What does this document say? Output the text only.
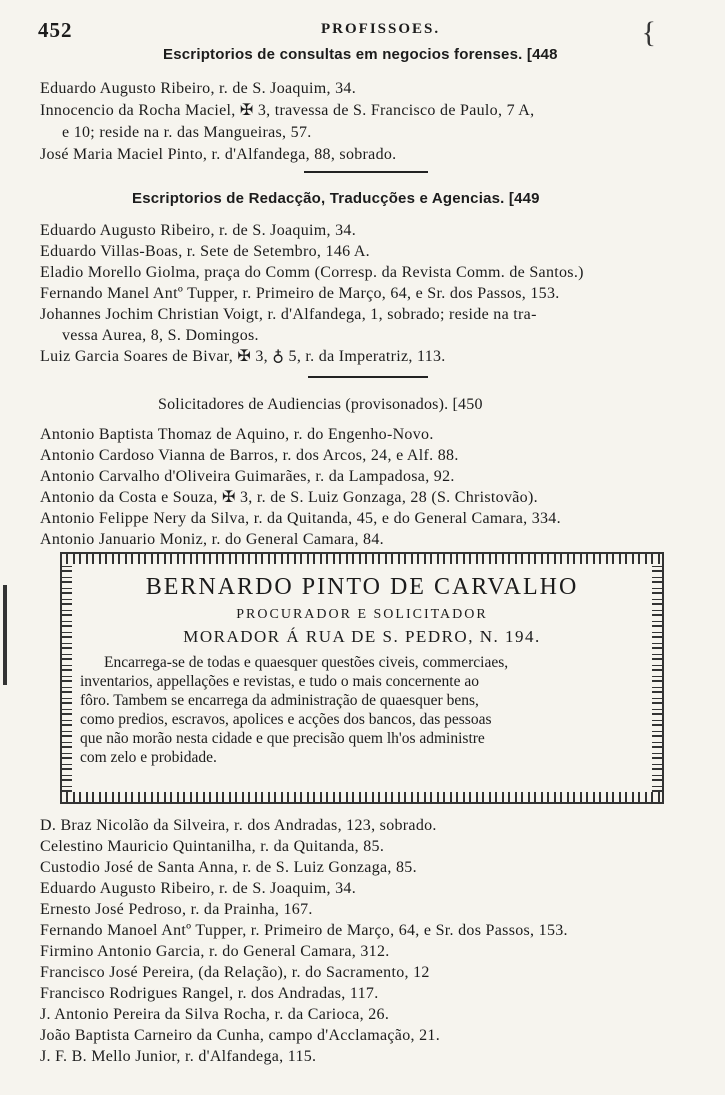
452	PROFISSOES.	{
Escriptorios de consultas em negocios forenses. [448
Eduardo Augusto Ribeiro, r. de S. Joaquim, 34.
Innocencio da Rocha Maciel, ✠ 3, travessa de S. Francisco de Paulo, 7 A,
e 10; reside na r. das Mangueiras, 57.
José Maria Maciel Pinto, r. d'Alfandega, 88, sobrado.
Escriptorios de Redacção, Traducções e Agencias. [449
Eduardo Augusto Ribeiro, r. de S. Joaquim, 34.
Eduardo Villas-Boas, r. Sete de Setembro, 146 A.
Eladio Morello Giolma, praça do Comm (Corresp. da Revista Comm. de Santos.)
Fernando Manel Antº Tupper, r. Primeiro de Março, 64, e Sr. dos Passos, 153.
Johannes Jochim Christian Voigt, r. d'Alfandega, 1, sobrado; reside na tra-
vessa Aurea, 8, S. Domingos.
Luiz Garcia Soares de Bivar, ✠ 3, ♁ 5, r. da Imperatriz, 113.
Solicitadores de Audiencias (provisonados). [450
Antonio Baptista Thomaz de Aquino, r. do Engenho-Novo.
Antonio Cardoso Vianna de Barros, r. dos Arcos, 24, e Alf. 88.
Antonio Carvalho d'Oliveira Guimarães, r. da Lampadosa, 92.
Antonio da Costa e Souza, ✠ 3, r. de S. Luiz Gonzaga, 28 (S. Christovão).
Antonio Felippe Nery da Silva, r. da Quitanda, 45, e do General Camara, 334.
Antonio Januario Moniz, r. do General Camara, 84.
BERNARDO PINTO DE CARVALHO
PROCURADOR E SOLICITADOR
MORADOR Á RUA DE S. PEDRO, N. 194.

Encarrega-se de todas e quaesquer questões civeis, commerciaes,

inventarios, appellações e revistas, e tudo o mais concernente ao

fôro. Tambem se encarrega da administração de quaesquer bens,

como predios, escravos, apolices e acções dos bancos, das pessoas

que não morão nesta cidade e que precisão quem lh'os administre

com zelo e probidade.

D. Braz Nicolão da Silveira, r. dos Andradas, 123, sobrado.
Celestino Mauricio Quintanilha, r. da Quitanda, 85.
Custodio José de Santa Anna, r. de S. Luiz Gonzaga, 85.
Eduardo Augusto Ribeiro, r. de S. Joaquim, 34.
Ernesto José Pedroso, r. da Prainha, 167.
Fernando Manoel Antº Tupper, r. Primeiro de Março, 64, e Sr. dos Passos, 153.
Firmino Antonio Garcia, r. do General Camara, 312.
Francisco José Pereira, (da Relação), r. do Sacramento, 12
Francisco Rodrigues Rangel, r. dos Andradas, 117.
J. Antonio Pereira da Silva Rocha, r. da Carioca, 26.
João Baptista Carneiro da Cunha, campo d'Acclamação, 21.
J. F. B. Mello Junior, r. d'Alfandega, 115.
